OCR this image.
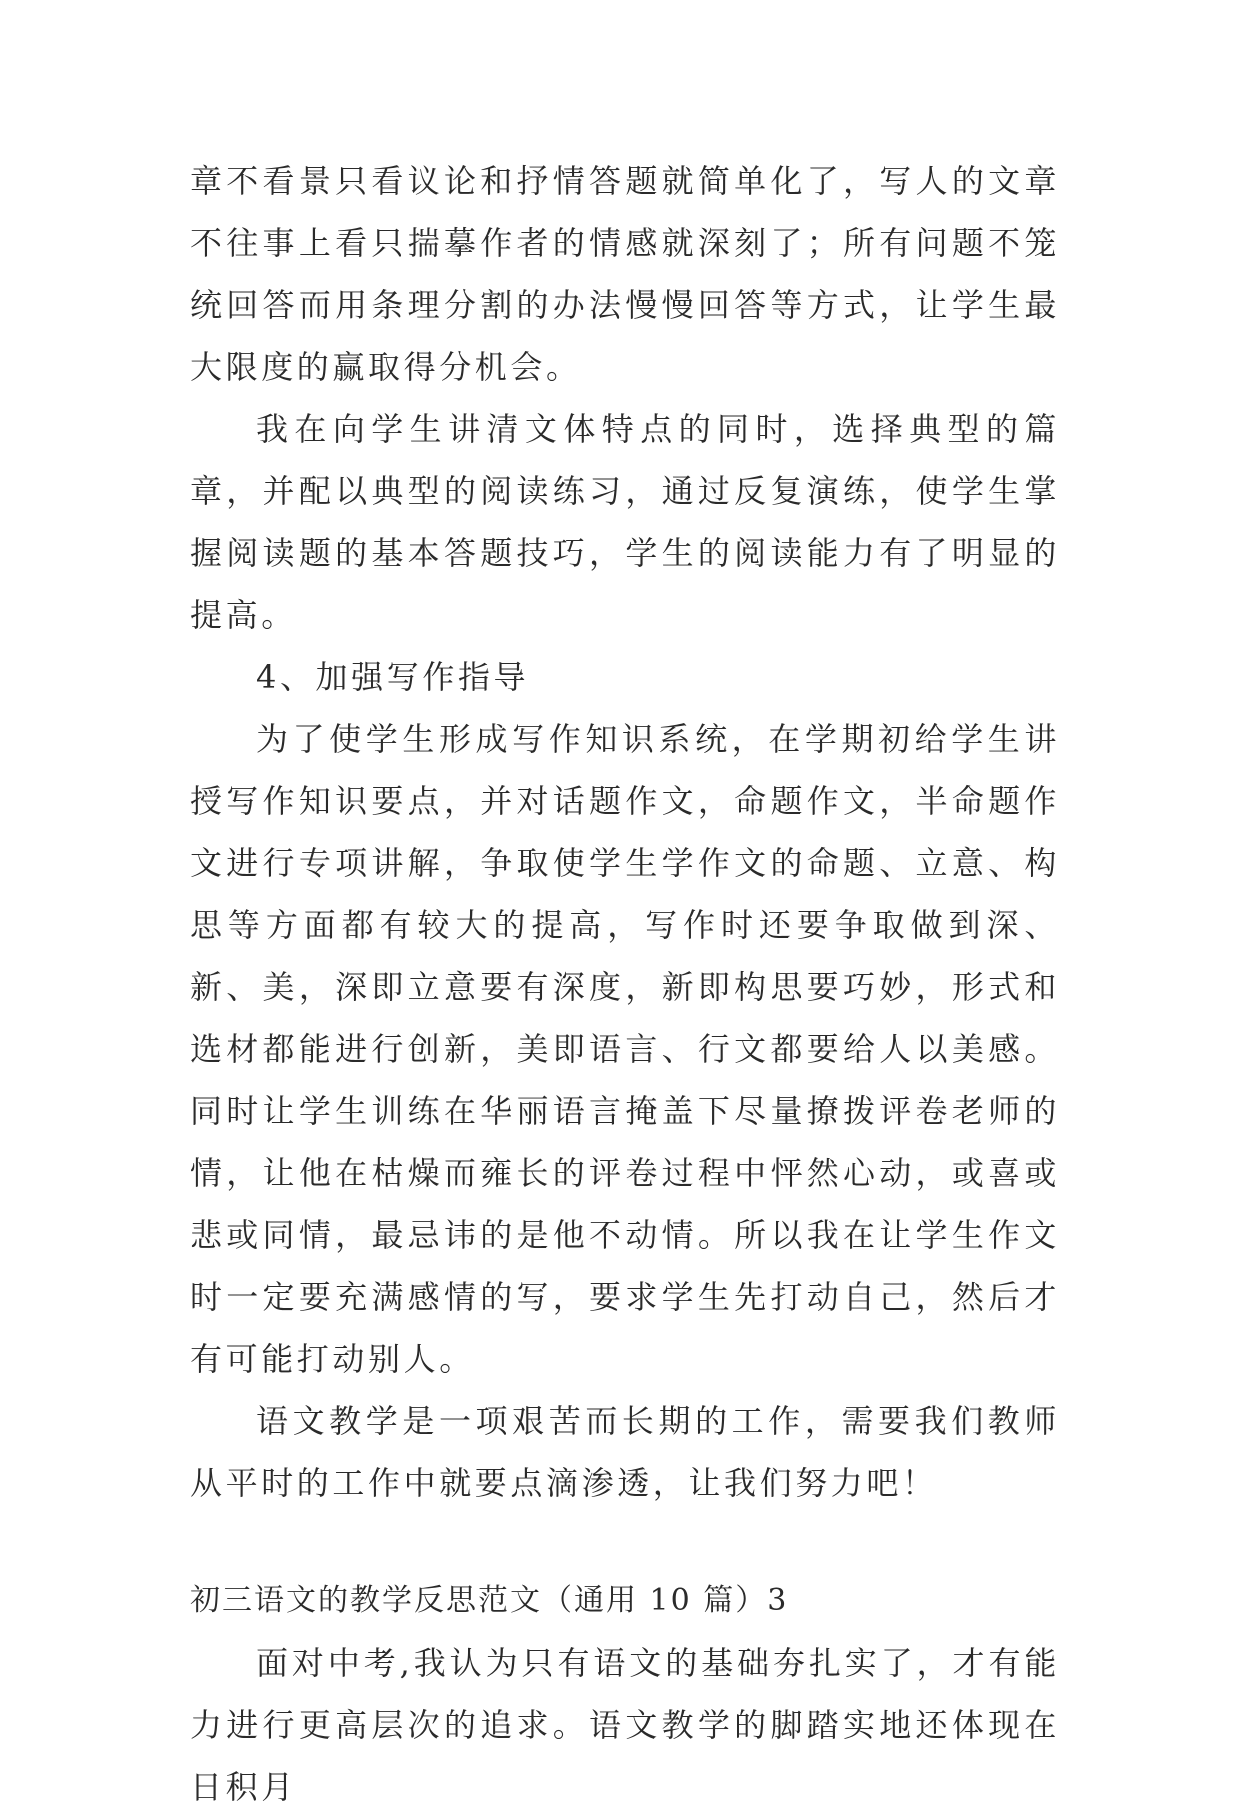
章不看景只看议论和抒情答题就简单化了，写人的文章不往事上看只揣摹作者的情感就深刻了；所有问题不笼统回答而用条理分割的办法慢慢回答等方式，让学生最大限度的赢取得分机会。

我在向学生讲清文体特点的同时，选择典型的篇章，并配以典型的阅读练习，通过反复演练，使学生掌握阅读题的基本答题技巧，学生的阅读能力有了明显的提高。

4、加强写作指导

为了使学生形成写作知识系统，在学期初给学生讲授写作知识要点，并对话题作文，命题作文，半命题作文进行专项讲解，争取使学生学作文的命题、立意、构思等方面都有较大的提高，写作时还要争取做到深、新、美，深即立意要有深度，新即构思要巧妙，形式和选材都能进行创新，美即语言、行文都要给人以美感。同时让学生训练在华丽语言掩盖下尽量撩拨评卷老师的情，让他在枯燥而雍长的评卷过程中怦然心动，或喜或悲或同情，最忌讳的是他不动情。所以我在让学生作文时一定要充满感情的写，要求学生先打动自己，然后才有可能打动别人。

语文教学是一项艰苦而长期的工作，需要我们教师从平时的工作中就要点滴渗透，让我们努力吧！

初三语文的教学反思范文（通用 10 篇）3

面对中考,我认为只有语文的基础夯扎实了，才有能力进行更高层次的追求。语文教学的脚踏实地还体现在日积月
